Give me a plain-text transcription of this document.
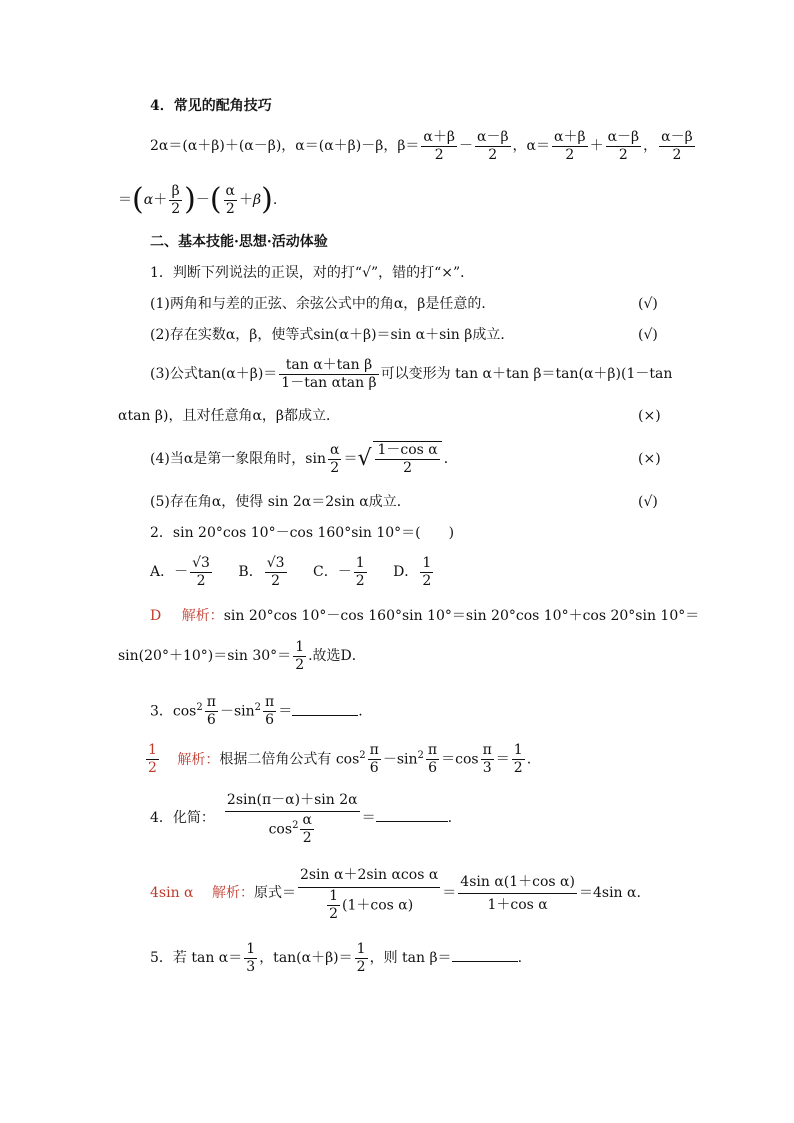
4．常见的配角技巧
2α＝(α＋β)＋(α－β)，α＝(α＋β)－β，$\beta= \frac{\alpha+\beta}{2} - \frac{\alpha-\beta}{2}$ ，$\alpha= \frac{\alpha+\beta}{2} + \frac{\alpha-\beta}{2}$ ， $\frac{\alpha-\beta}{2}$
$=(\alpha+ \frac{\beta}{2}$ )－( $\frac{\alpha}{2} +\beta$).
二、基本技能·思想·活动体验
1．判断下列说法的正误，对的打“√”，错的打“×”．
(1)两角和与差的正弦、余弦公式中的角α，β是任意的．	(√)
(2)存在实数α，β，使等式sin(α＋β)＝sin α＋sin β成立．	(√)
(3)公式$\tan(\alpha+\beta)= \frac{\text{tan α＋tan β}}{\text{1－tan αtan β}}$ 可以变形为 tan α＋tan β＝tan(α＋β)(1－tan
αtan β)，且对任意角α，β都成立．	(×)
(4)当α是第一象限角时，$\sin \frac{\alpha}{2}$ ＝√ $\frac{\text{1－cos α}}{2}$ ．	(×)
(5)存在角α，使得 sin 2α＝2sin α成立．	(√)
2．sin 20°cos 10°－cos 160°sin 10°＝(　　)
A．－ $\frac{√3}{2}$ B． $\frac{√3}{2}$ C．－ $\frac{1}{2}$ D． $\frac{1}{2}$
D 解析：sin 20°cos 10°－cos 160°sin 10°＝sin 20°cos 10°＋cos 20°sin 10°＝
sin(20°＋10°)＝sin $30^\circ= \frac{1}{2}$ .故选D．
3．$\cos^2 \frac{\pi}{6} -\sin^2 \frac{\pi}{6}$ ＝	.
$\frac{1}{2}$ 解析：根据二倍角公式有 $\cos^2 \frac{\pi}{6} -\sin^2 \frac{\pi}{6} =\cos \frac{\pi}{3} = \frac{1}{2}$ .
4．化简： $\frac{2\sin(\pi-\alpha)+\sin 2\alpha}{\cos^2 \frac{\alpha}{2}}$ ＝	.
4sin α 解析：原式＝ $\frac{\text{2sin α＋2sin αcos α}}{\frac{1}{2} (1+\cos \alpha)} = \frac{\text{4sin α(1＋cos α)}}{\text{1＋cos α}} =4\sin$ α.
5．若 $\tan \alpha= \frac{1}{3}$ ，$\tan(\alpha+\beta)= \frac{1}{2}$ ，则 tan β＝	.
